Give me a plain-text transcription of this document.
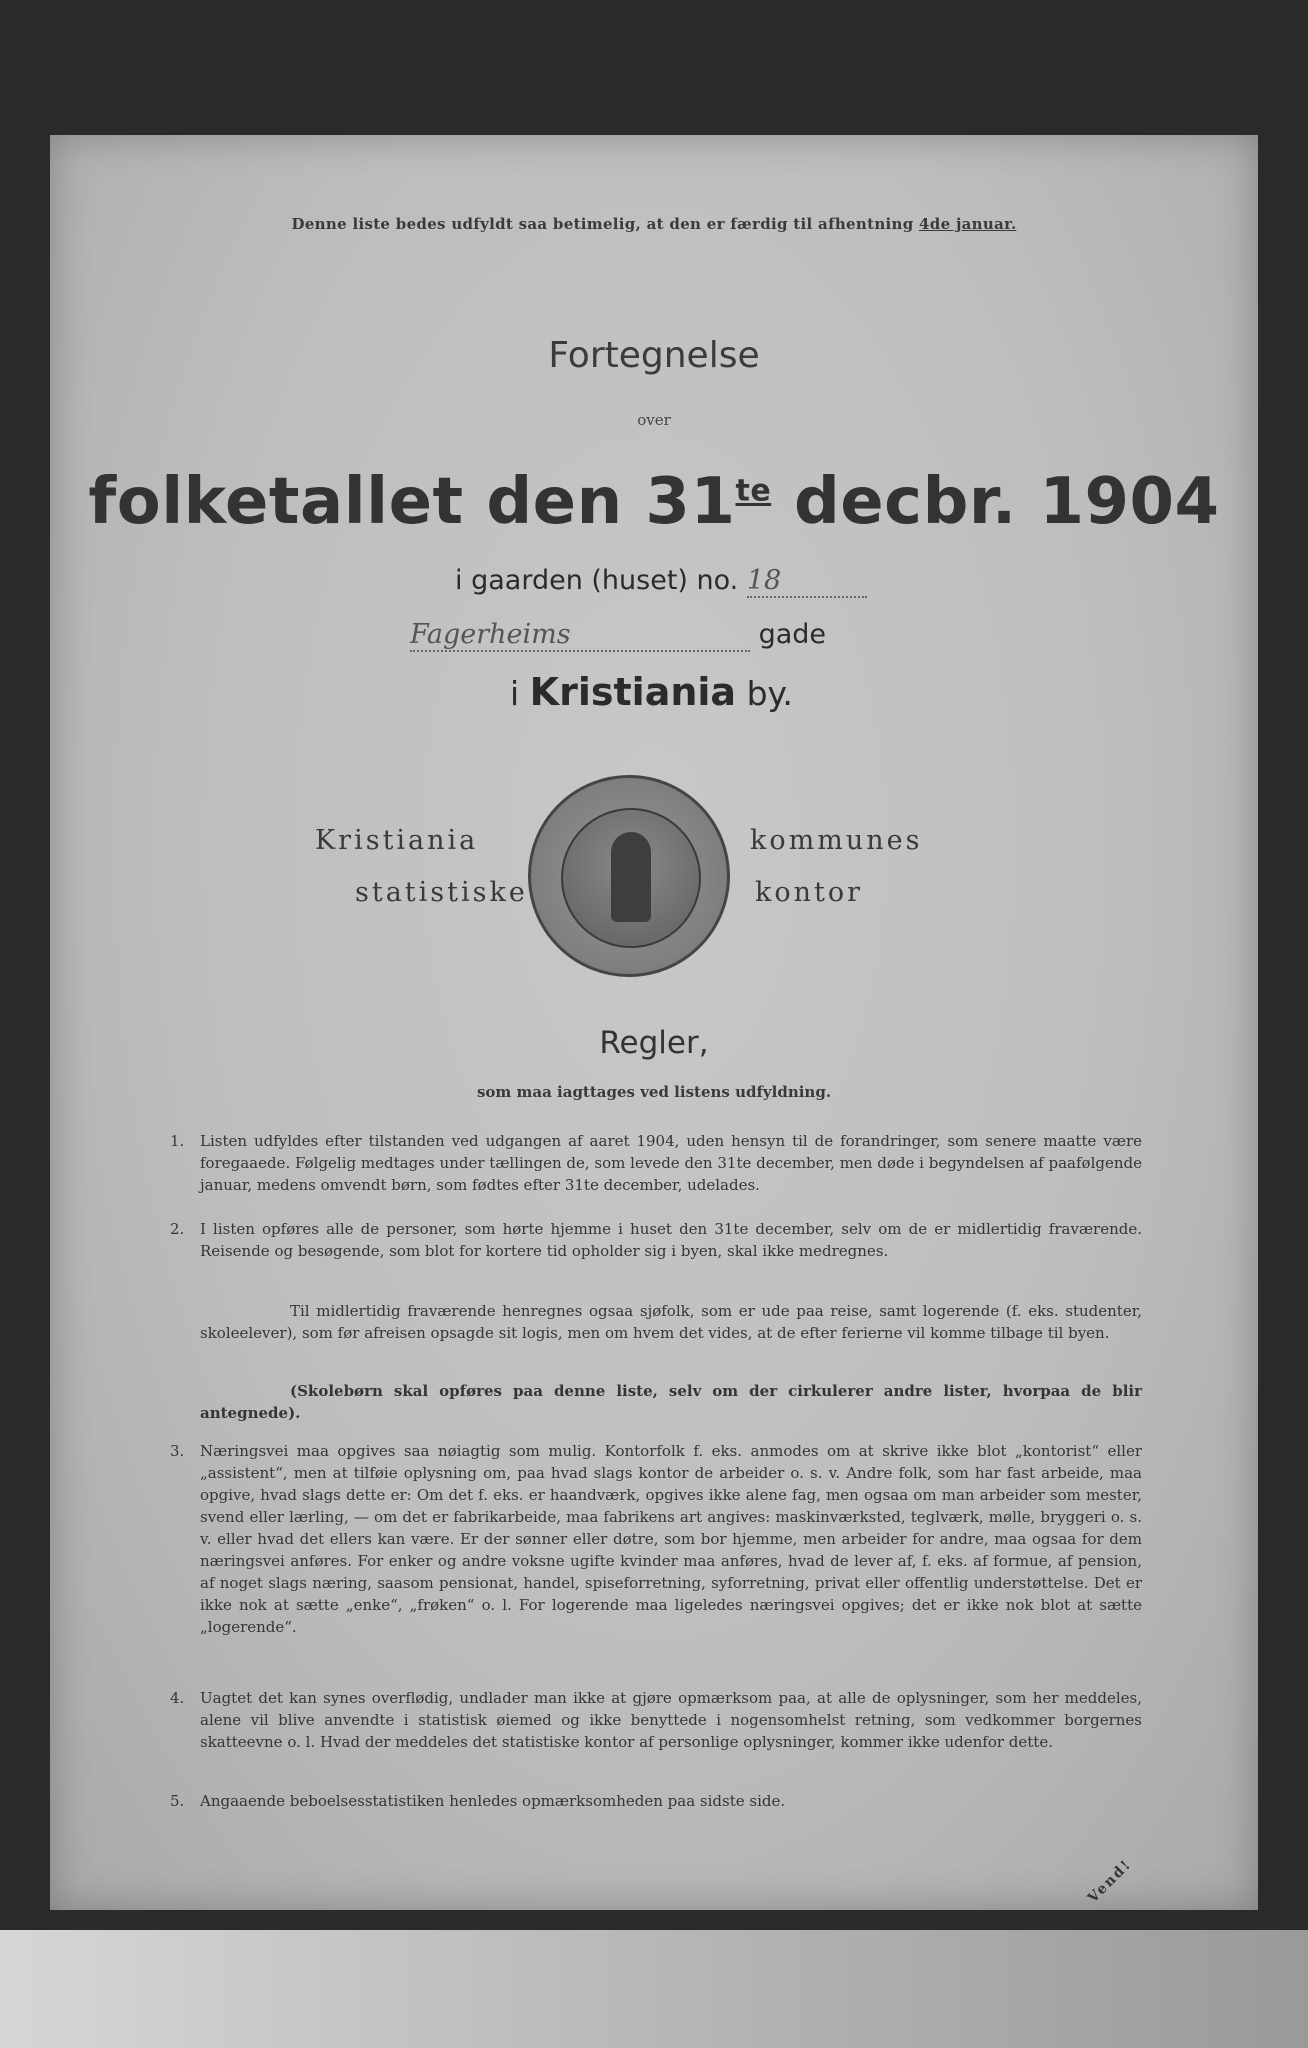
Denne liste bedes udfyldt saa betimelig, at den er færdig til afhentning 4de januar.
Fortegnelse
over
folketallet den $31^{te}$ decbr. 1904
i gaarden (huset) no. 18
Fagerheims	gade
i Kristiania by.
Kristiania
statistiske
kommunes
kontor
Regler,
som maa iagttages ved listens udfyldning.
1. Listen udfyldes efter tilstanden ved udgangen af aaret 1904, uden hensyn til de forandringer, som senere maatte være foregaaede. Følgelig medtages under tællingen de, som levede den 31te december, men døde i begyndelsen af paafølgende januar, medens omvendt børn, som fødtes efter 31te december, udelades.

2. I listen opføres alle de personer, som hørte hjemme i huset den 31te december, selv om de er midlertidig fraværende. Reisende og besøgende, som blot for kortere tid opholder sig i byen, skal ikke medregnes.

Til midlertidig fraværende henregnes ogsaa sjøfolk, som er ude paa reise, samt logerende (f. eks. studenter, skoleelever), som før afreisen opsagde sit logis, men om hvem det vides, at de efter ferierne vil komme tilbage til byen.

(Skolebørn skal opføres paa denne liste, selv om der cirkulerer andre lister, hvorpaa de blir antegnede).

3. Næringsvei maa opgives saa nøiagtig som mulig. Kontorfolk f. eks. anmodes om at skrive ikke blot „kontorist“ eller „assistent“, men at tilføie oplysning om, paa hvad slags kontor de arbeider o. s. v. Andre folk, som har fast arbeide, maa opgive, hvad slags dette er: Om det f. eks. er haandværk, opgives ikke alene fag, men ogsaa om man arbeider som mester, svend eller lærling, — om det er fabrikarbeide, maa fabrikens art angives: maskinværksted, teglværk, mølle, bryggeri o. s. v. eller hvad det ellers kan være. Er der sønner eller døtre, som bor hjemme, men arbeider for andre, maa ogsaa for dem næringsvei anføres. For enker og andre voksne ugifte kvinder maa anføres, hvad de lever af, f. eks. af formue, af pension, af noget slags næring, saasom pensionat, handel, spiseforretning, syforretning, privat eller offentlig understøttelse. Det er ikke nok at sætte „enke“, „frøken“ o. l. For logerende maa ligeledes næringsvei opgives; det er ikke nok blot at sætte „logerende“.

4. Uagtet det kan synes overflødig, undlader man ikke at gjøre opmærksom paa, at alle de oplysninger, som her meddeles, alene vil blive anvendte i statistisk øiemed og ikke benyttede i nogensomhelst retning, som vedkommer borgernes skatteevne o. l. Hvad der meddeles det statistiske kontor af personlige oplysninger, kommer ikke udenfor dette.

5. Angaaende beboelsesstatistiken henledes opmærksomheden paa sidste side.

Vend!
